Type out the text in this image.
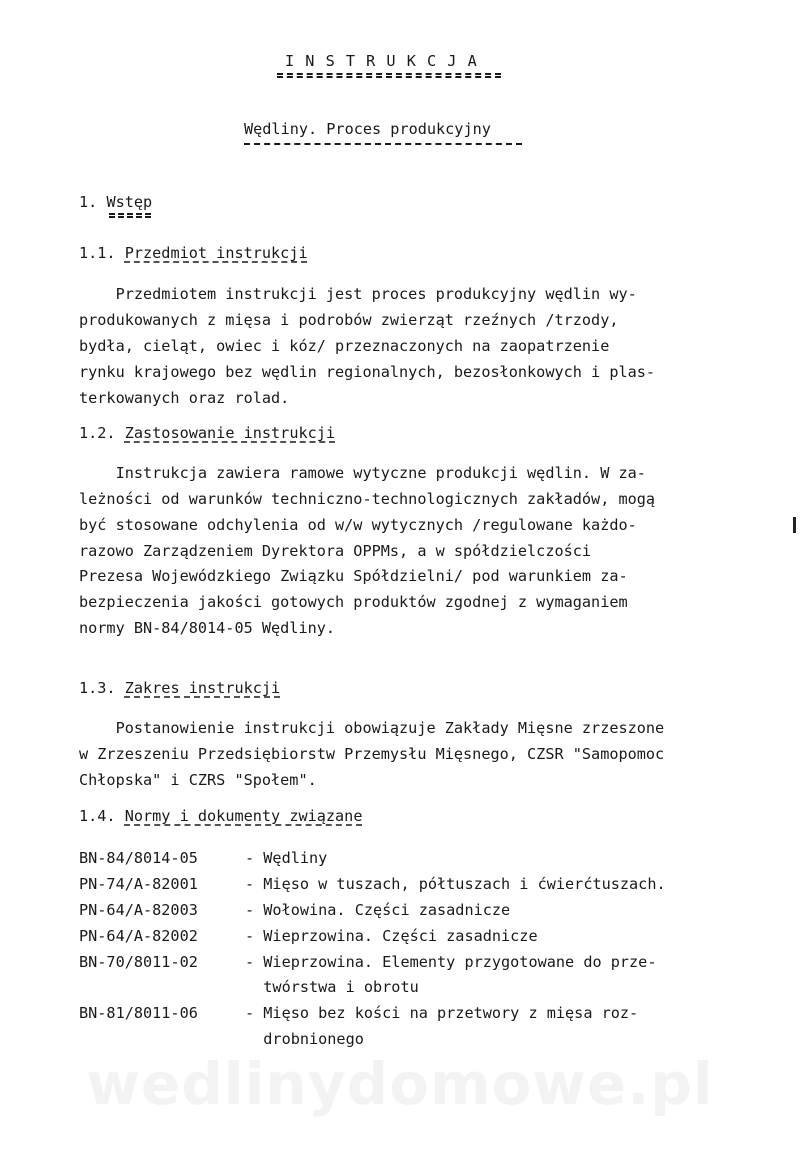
I N S T R U K C J A
Wędliny. Proces produkcyjny
1. Wstęp
1.1. Przedmiot instrukcji
Przedmiotem instrukcji jest proces produkcyjny wędlin wy-
produkowanych z mięsa i podrobów zwierząt rzeźnych /trzody,
bydła, cieląt, owiec i kóz/ przeznaczonych na zaopatrzenie
rynku krajowego bez wędlin regionalnych, bezosłonkowych i plas-
terkowanych oraz rolad.
1.2. Zastosowanie instrukcji
Instrukcja zawiera ramowe wytyczne produkcji wędlin. W za-
leżności od warunków techniczno-technologicznych zakładów, mogą
być stosowane odchylenia od w/w wytycznych /regulowane każdo-
razowo Zarządzeniem Dyrektora OPPMs, a w spółdzielczości
Prezesa Wojewódzkiego Związku Spółdzielni/ pod warunkiem za-
bezpieczenia jakości gotowych produktów zgodnej z wymaganiem
normy BN-84/8014-05 Wędliny.
1.3. Zakres instrukcji
Postanowienie instrukcji obowiązuje Zakłady Mięsne zrzeszone
w Zrzeszeniu Przedsiębiorstw Przemysłu Mięsnego, CZSR "Samopomoc
Chłopska" i CZRS "Społem".
1.4. Normy i dokumenty związane
BN-84/8014-05	- Wędliny
PN-74/A-82001	- Mięso w tuszach, półtuszach i ćwierćtuszach.
PN-64/A-82003	- Wołowina. Części zasadnicze
PN-64/A-82002	- Wieprzowina. Części zasadnicze
BN-70/8011-02	- Wieprzowina. Elementy przygotowane do prze-
twórstwa i obrotu
BN-81/8011-06	- Mięso bez kości na przetwory z mięsa roz-
drobnionego
wedlinydomowe.pl
